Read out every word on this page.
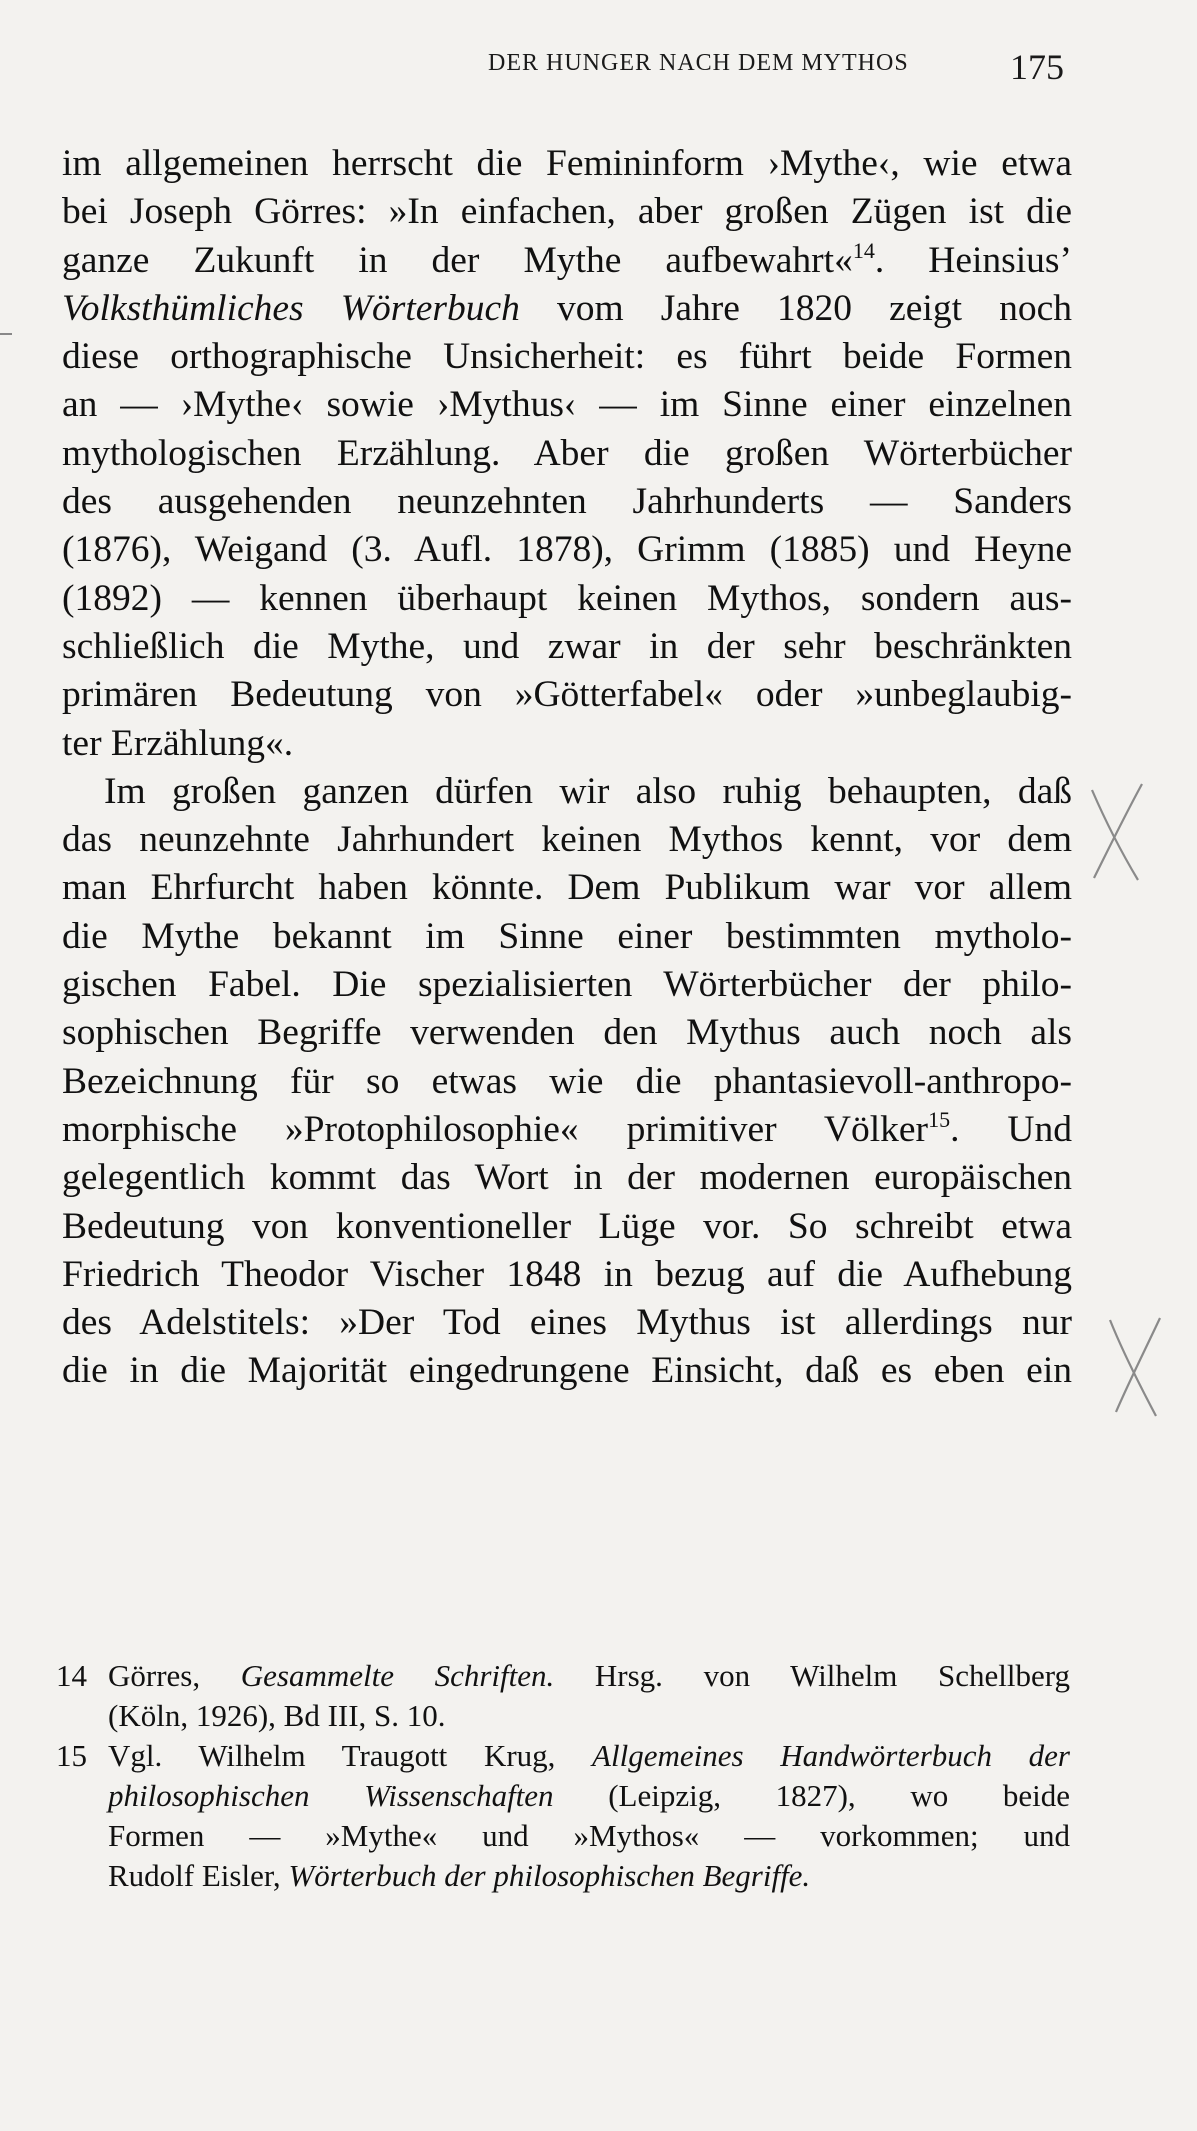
DER HUNGER NACH DEM MYTHOS	175
im allgemeinen herrscht die Femininform ›Mythe‹, wie etwa
bei Joseph Görres: »In einfachen, aber großen Zügen ist die
ganze Zukunft in der Mythe aufbewahrt«$^{14}$. Heinsius’
Volksthümliches Wörterbuch vom Jahre 1820 zeigt noch
diese orthographische Unsicherheit: es führt beide Formen
an — ›Mythe‹ sowie ›Mythus‹ — im Sinne einer einzelnen
mythologischen Erzählung. Aber die großen Wörterbücher
des ausgehenden neunzehnten Jahrhunderts — Sanders
(1876), Weigand (3. Aufl. 1878), Grimm (1885) und Heyne
(1892) — kennen überhaupt keinen Mythos, sondern aus-
schließlich die Mythe, und zwar in der sehr beschränkten
primären Bedeutung von »Götterfabel« oder »unbeglaubig-
ter Erzählung«.
Im großen ganzen dürfen wir also ruhig behaupten, daß
das neunzehnte Jahrhundert keinen Mythos kennt, vor dem
man Ehrfurcht haben könnte. Dem Publikum war vor allem
die Mythe bekannt im Sinne einer bestimmten mytholo-
gischen Fabel. Die spezialisierten Wörterbücher der philo-
sophischen Begriffe verwenden den Mythus auch noch als
Bezeichnung für so etwas wie die phantasievoll-anthropo-
morphische »Protophilosophie« primitiver Völker$^{15}$. Und
gelegentlich kommt das Wort in der modernen europäischen
Bedeutung von konventioneller Lüge vor. So schreibt etwa
Friedrich Theodor Vischer 1848 in bezug auf die Aufhebung
des Adelstitels: »Der Tod eines Mythus ist allerdings nur
die in die Majorität eingedrungene Einsicht, daß es eben ein
14 Görres, Gesammelte Schriften. Hrsg. von Wilhelm Schellberg
(Köln, 1926), Bd III, S. 10.
15 Vgl. Wilhelm Traugott Krug, Allgemeines Handwörterbuch der
philosophischen Wissenschaften (Leipzig, 1827), wo beide
Formen — »Mythe« und »Mythos« — vorkommen; und
Rudolf Eisler, Wörterbuch der philosophischen Begriffe.
